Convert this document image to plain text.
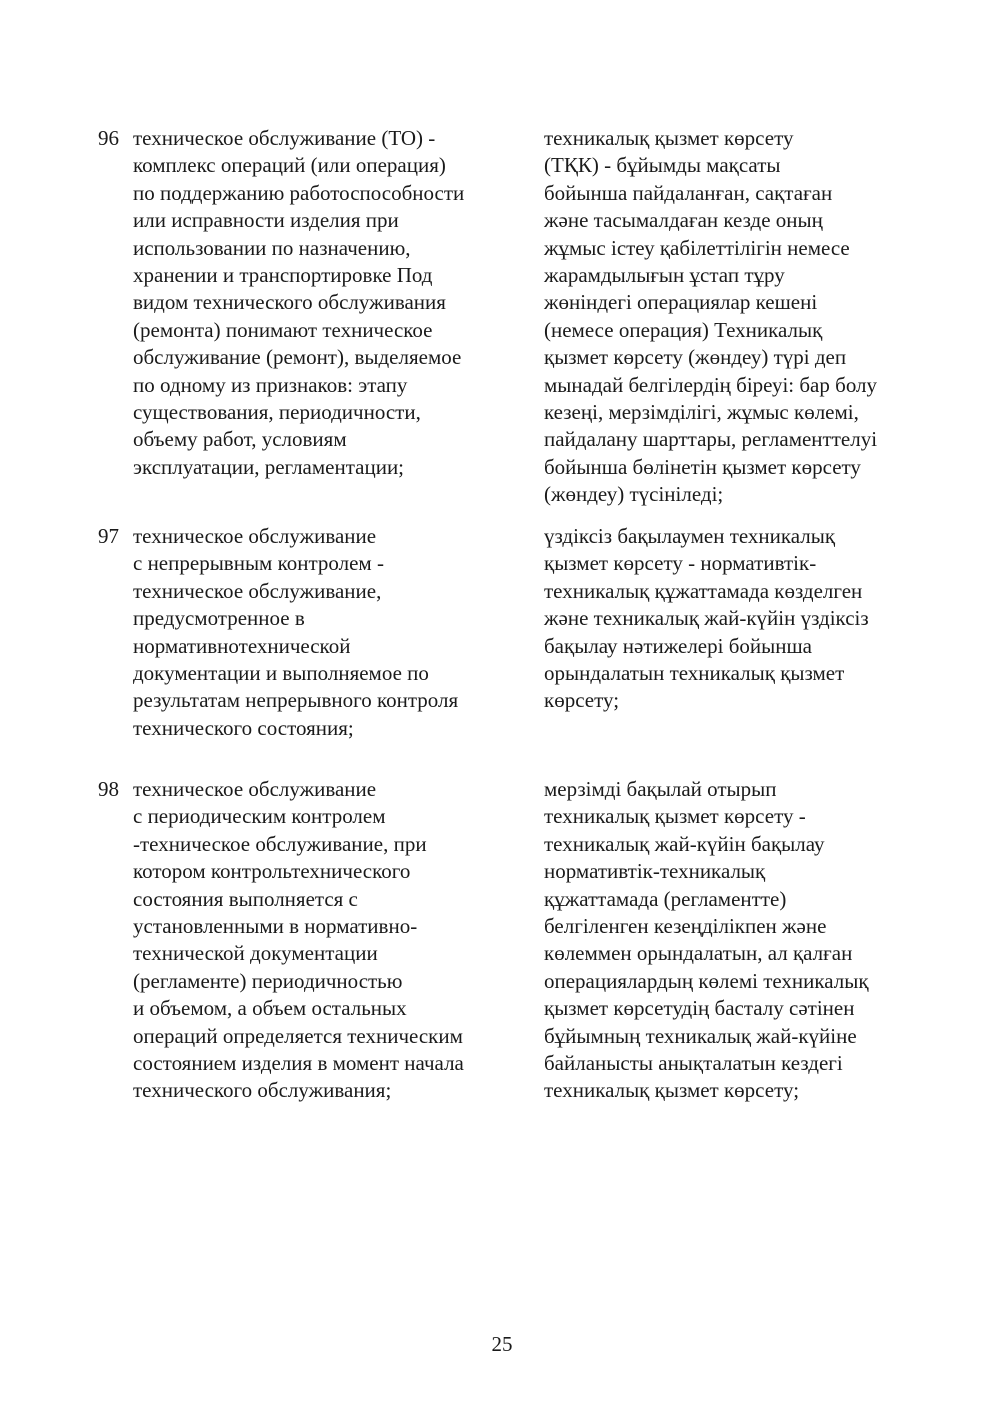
96 техническое обслуживание (ТО) -
комплекс операций (или операция)
по поддержанию работоспособности
или исправности изделия при
использовании по назначению,
хранении и транспортировке Под
видом технического обслуживания
(ремонта) понимают техническое
обслуживание (ремонт), выделяемое
по одному из признаков: этапу
существования, периодичности,
объему работ, условиям
эксплуатации, регламентации;
техникалық қызмет көрсету
(ТҚК) - бұйымды мақсаты
бойынша пайдаланған, сақтаған
және тасымалдаған кезде оның
жұмыс істеу қабілеттілігін немесе
жарамдылығын ұстап тұру
жөніндегі операциялар кешені
(немесе операция) Техникалық
қызмет көрсету (жөндеу) түрі деп
мынадай белгілердің біреуі: бар болу
кезеңі, мерзімділігі, жұмыс көлемі,
пайдалану шарттары, регламенттелуі
бойынша бөлінетін қызмет көрсету
(жөндеу) түсініледі;
97 техническое обслуживание
с непрерывным контролем -
техническое обслуживание,
предусмотренное в
нормативнотехнической
документации и выполняемое по
результатам непрерывного контроля
технического состояния;
үздіксіз бақылаумен техникалық
қызмет көрсету - нормативтік-
техникалық құжаттамада көзделген
және техникалық жай-күйін үздіксіз
бақылау нәтижелері бойынша
орындалатын техникалық қызмет
көрсету;
98 техническое обслуживание
с периодическим контролем
-техническое обслуживание, при
котором контрольтехнического
состояния выполняется с
установленными в нормативно-
технической документации
(регламенте) периодичностью
и объемом, а объем остальных
операций определяется техническим
состоянием изделия в момент начала
технического обслуживания;
мерзімді бақылай отырып
техникалық қызмет көрсету -
техникалық жай-күйін бақылау
нормативтік-техникалық
құжаттамада (регламентте)
белгіленген кезеңділікпен және
көлеммен орындалатын, ал қалған
операциялардың көлемі техникалық
қызмет көрсетудің басталу сәтінен
бұйымның техникалық жай-күйіне
байланысты анықталатын кездегі
техникалық қызмет көрсету;
25
